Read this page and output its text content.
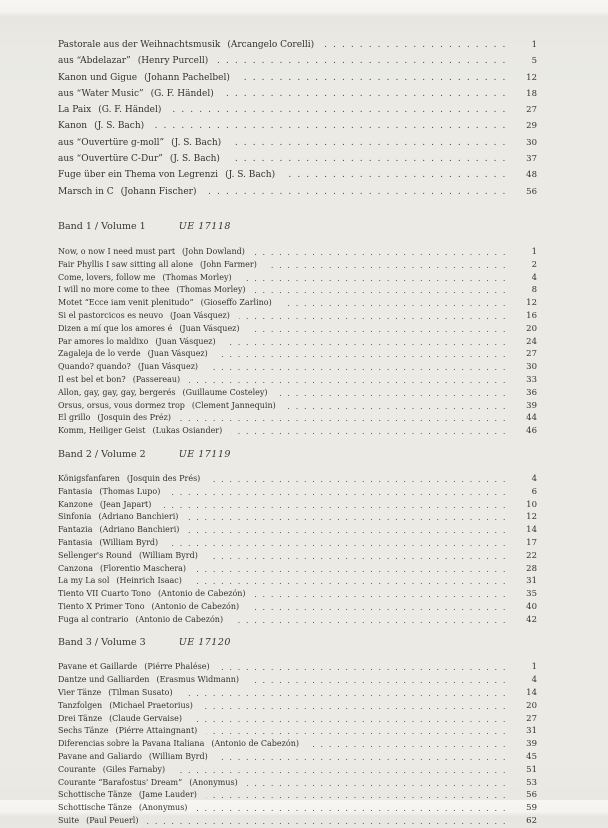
Pastorale aus der Weihnachtsmusik (Arcangelo Corelli) . . .	1
aus “Abdelazar” (Henry Purcell) . . .	5
Kanon und Gigue (Johann Pachelbel) . . .	12
aus “Water Music” (G. F. Händel) . . .	18
La Paix (G. F. Händel) . . .	27
Kanon (J. S. Bach) . . .	29
aus “Ouvertüre g-moll” (J. S. Bach) . . .	30
aus “Ouvertüre C-Dur” (J. S. Bach) . . .	37
Fuge über ein Thema von Legrenzi (J. S. Bach) . . .	48
Marsch in C (Johann Fischer) . . .	56
Band 1 / Volume 1	UE 17118
Now, o now I need must part (John Dowland) . . .	1
Fair Phyllis I saw sitting all alone (John Farmer) . . .	2
Come, lovers, follow me (Thomas Morley) . . .	4
I will no more come to thee (Thomas Morley) . . .	8
Motet “Ecce iam venit plenitudo” (Gioseffo Zarlino) . . .	12
Si el pastorcicos es neuvo (Joan Vásquez) . . .	16
Dizen a mí que los amores é (Juan Vásquez) . . .	20
Par amores lo maldixo (Juan Vásquez) . . .	24
Zagaleja de lo verde (Juan Vásquez) . . .	27
Quando? quando? (Juan Vásquez) . . .	30
Il est bel et bon? (Passereau) . . .	33
Allon, gay, gay, gay, bergerés (Guillaume Costeley) . . .	36
Orsus, orsus, vous dormez trop (Clement Jannequin) . . .	39
El grillo (Josquin des Préz) . . .	44
Komm, Heiliger Geist (Lukas Osiander) . . .	46
Band 2 / Volume 2	UE 17119
Königsfanfaren (Josquin des Prés) . . .	4
Fantasia (Thomas Lupo) . . .	6
Kanzone (Jean Japart) . . .	10
Sinfonia (Adriano Banchieri) . . .	12
Fantazia (Adriano Banchieri) . . .	14
Fantasia (William Byrd) . . .	17
Sellenger's Round (William Byrd) . . .	22
Canzona (Florentio Maschera) . . .	28
La my La sol (Heinrich Isaac) . . .	31
Tiento VII Cuarto Tono (Antonio de Cabezón) . . .	35
Tiento X Primer Tono (Antonio de Cabezón) . . .	40
Fuga al contrario (Antonio de Cabezón) . . .	42
Band 3 / Volume 3	UE 17120
Pavane et Gaillarde (Piérre Phalése) . . .	1
Dantze und Galliarden (Erasmus Widmann) . . .	4
Vier Tänze (Tilman Susato) . . .	14
Tanzfolgen (Michael Praetorius) . . .	20
Drei Tänze (Claude Gervaise) . . .	27
Sechs Tänze (Piérre Attaingnant) . . .	31
Diferencias sobre la Pavana Italiana (Antonio de Cabezón) . . .	39
Pavane and Galiardo (William Byrd) . . .	45
Courante (Giles Farnaby) . . .	51
Courante “Barafostus' Dream” (Anonymus) . . .	53
Schottische Tänze (Jame Lauder) . . .	56
Schottische Tänze (Anonymus) . . .	59
Suite (Paul Peuerl) . . .	62
